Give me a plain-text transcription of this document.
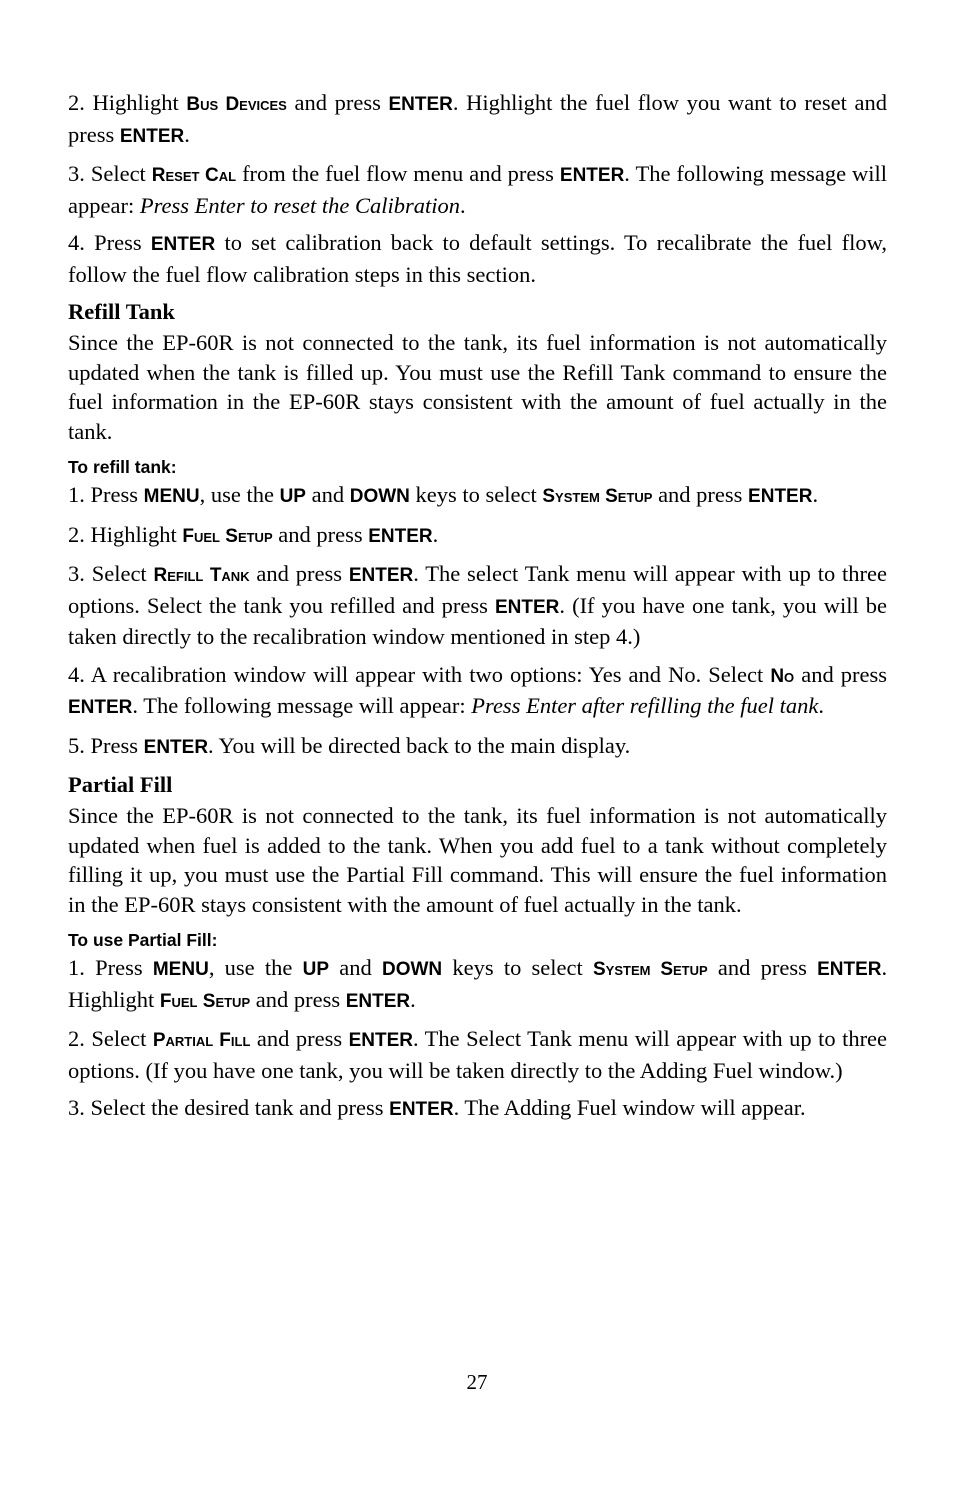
2. Highlight Bus Devices and press ENTER. Highlight the fuel flow you want to reset and press ENTER.

3. Select Reset Cal from the fuel flow menu and press ENTER. The following message will appear: Press Enter to reset the Calibration.

4. Press ENTER to set calibration back to default settings. To recalibrate the fuel flow, follow the fuel flow calibration steps in this section.

Refill Tank

Since the EP-60R is not connected to the tank, its fuel information is not automatically updated when the tank is filled up. You must use the Refill Tank command to ensure the fuel information in the EP-60R stays consistent with the amount of fuel actually in the tank.

To refill tank:

1. Press MENU, use the UP and DOWN keys to select System Setup and press ENTER.

2. Highlight Fuel Setup and press ENTER.

3. Select Refill Tank and press ENTER. The select Tank menu will appear with up to three options. Select the tank you refilled and press ENTER. (If you have one tank, you will be taken directly to the recalibration window mentioned in step 4.)

4. A recalibration window will appear with two options: Yes and No. Select No and press ENTER. The following message will appear: Press Enter after refilling the fuel tank.

5. Press ENTER. You will be directed back to the main display.

Partial Fill

Since the EP-60R is not connected to the tank, its fuel information is not automatically updated when fuel is added to the tank. When you add fuel to a tank without completely filling it up, you must use the Partial Fill command. This will ensure the fuel information in the EP-60R stays consistent with the amount of fuel actually in the tank.

To use Partial Fill:

1. Press MENU, use the UP and DOWN keys to select System Setup and press ENTER. Highlight Fuel Setup and press ENTER.

2. Select Partial Fill and press ENTER. The Select Tank menu will appear with up to three options. (If you have one tank, you will be taken directly to the Adding Fuel window.)

3. Select the desired tank and press ENTER. The Adding Fuel window will appear.

27
